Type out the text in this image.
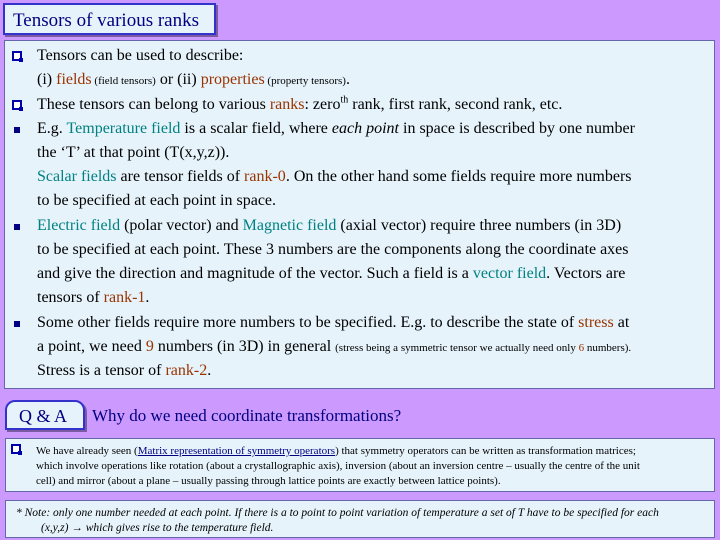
Tensors of various ranks
Tensors can be used to describe:
(i) fields (field tensors) or (ii) properties (property tensors).
These tensors can belong to various ranks: zero$^{th}$ rank, first rank, second rank, etc.
E.g. Temperature field is a scalar field, where each point in space is described by one number
the ‘T’ at that point (T(x,y,z)).
Scalar fields are tensor fields of rank-0. On the other hand some fields require more numbers
to be specified at each point in space.
Electric field (polar vector) and Magnetic field (axial vector) require three numbers (in 3D)
to be specified at each point. These 3 numbers are the components along the coordinate axes
and give the direction and magnitude of the vector. Such a field is a vector field. Vectors are
tensors of rank-1.
Some other fields require more numbers to be specified. E.g. to describe the state of stress at
a point, we need 9 numbers (in 3D) in general (stress being a symmetric tensor we actually need only 6 numbers).
Stress is a tensor of rank-2.
Q & A Why do we need coordinate transformations?
We have already seen (Matrix representation of symmetry operators) that symmetry operators can be written as transformation matrices;
which involve operations like rotation (about a crystallographic axis), inversion (about an inversion centre – usually the centre of the unit
cell) and mirror (about a plane – usually passing through lattice points are exactly between lattice points).
* Note: only one number needed at each point. If there is a to point to point variation of temperature a set of T have to be specified for each
(x,y,z) → which gives rise to the temperature field.
